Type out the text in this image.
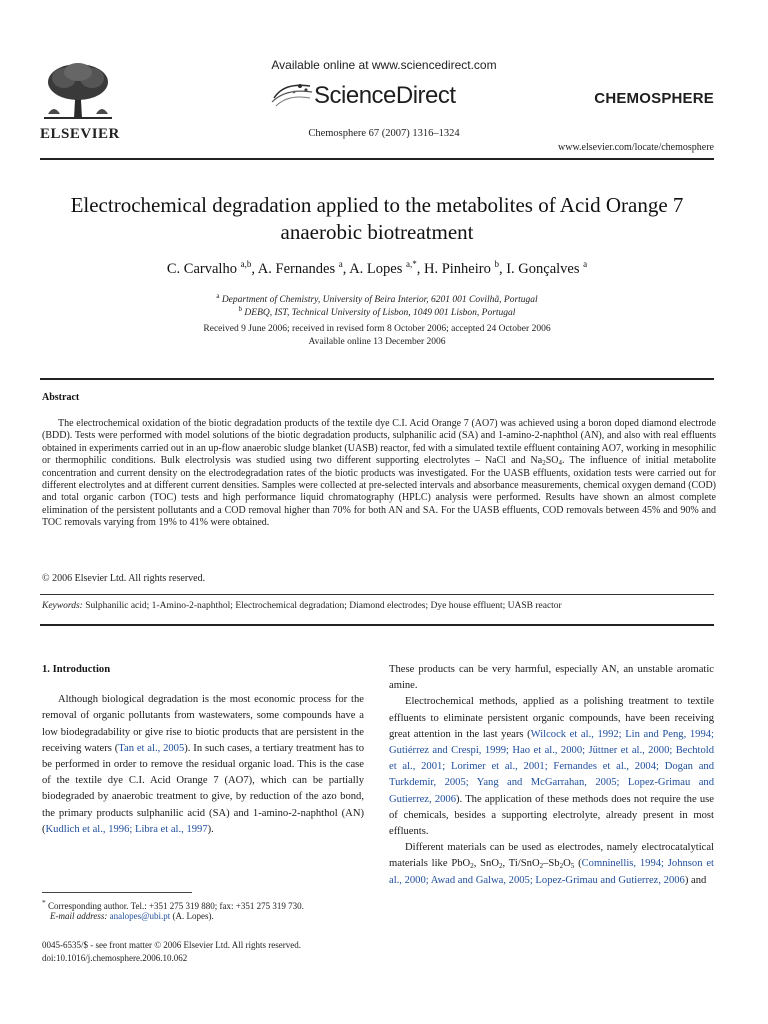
ELSEVIER
Available online at www.sciencedirect.com
ScienceDirect
Chemosphere 67 (2007) 1316–1324
CHEMOSPHERE
www.elsevier.com/locate/chemosphere
Electrochemical degradation applied to the metabolites of Acid Orange 7 anaerobic biotreatment
C. Carvalho $^{a,b}$, A. Fernandes $^a$, A. Lopes $^{a,*}$, H. Pinheiro $^b$, I. Gonçalves $^a$
$^a$ Department of Chemistry, University of Beira Interior, 6201 001 Covilhã, Portugal
$^b$ DEBQ, IST, Technical University of Lisbon, 1049 001 Lisbon, Portugal
Received 9 June 2006; received in revised form 8 October 2006; accepted 24 October 2006
Available online 13 December 2006
Abstract
The electrochemical oxidation of the biotic degradation products of the textile dye C.I. Acid Orange 7 (AO7) was achieved using a boron doped diamond electrode (BDD). Tests were performed with model solutions of the biotic degradation products, sulphanilic acid (SA) and 1-amino-2-naphthol (AN), and also with real effluents obtained in experiments carried out in an up-flow anaerobic sludge blanket (UASB) reactor, fed with a simulated textile effluent containing AO7, working in mesophilic or thermophilic conditions. Bulk electrolysis was studied using two different supporting electrolytes – NaCl and $Na_2SO_4$. The influence of initial metabolite concentration and current density on the electrodegradation rates of the biotic products was investigated. For the UASB effluents, oxidation tests were carried out for different electrolytes and at different current densities. Samples were collected at pre-selected intervals and absorbance measurements, chemical oxygen demand (COD) and total organic carbon (TOC) tests and high performance liquid chromatography (HPLC) analysis were performed. Results have shown an almost complete elimination of the persistent pollutants and a COD removal higher than 70% for both AN and SA. For the UASB effluents, COD removals between 45% and 90% and TOC removals varying from 19% to 41% were obtained.
© 2006 Elsevier Ltd. All rights reserved.
Keywords: Sulphanilic acid; 1-Amino-2-naphthol; Electrochemical degradation; Diamond electrodes; Dye house effluent; UASB reactor
1. Introduction

Although biological degradation is the most economic process for the removal of organic pollutants from wastewaters, some compounds have a low biodegradability or give rise to biotic products that are persistent in the receiving waters (Tan et al., 2005). In such cases, a tertiary treatment has to be performed in order to remove the residual organic load. This is the case of the textile dye C.I. Acid Orange 7 (AO7), which can be partially biodegraded by anaerobic treatment to give, by reduction of the azo bond, the primary products sulphanilic acid (SA) and 1-amino-2-naphthol (AN) (Kudlich et al., 1996; Libra et al., 1997).

These products can be very harmful, especially AN, an unstable aromatic amine.

Electrochemical methods, applied as a polishing treatment to textile effluents to eliminate persistent organic compounds, have been receiving great attention in the last years (Wilcock et al., 1992; Lin and Peng, 1994; Gutiérrez and Crespi, 1999; Hao et al., 2000; Jüttner et al., 2000; Bechtold et al., 2001; Lorimer et al., 2001; Fernandes et al., 2004; Dogan and Turkdemir, 2005; Yang and McGarrahan, 2005; Lopez-Grimau and Gutierrez, 2006). The application of these methods does not require the use of chemicals, besides a supporting electrolyte, already present in most effluents.

Different materials can be used as electrodes, namely electrocatalytical materials like PbO$_2$, SnO$_2$, $Ti/SnO_2-Sb_2O_5$ (Comninellis, 1994; Johnson et al., 2000; Awad and Galwa, 2005; Lopez-Grimau and Gutierrez, 2006) and

* Corresponding author. Tel.: +351 275 319 880; fax: +351 275 319 730.
E-mail address: analopes@ubi.pt (A. Lopes).
0045-6535/$ - see front matter © 2006 Elsevier Ltd. All rights reserved.
doi:10.1016/j.chemosphere.2006.10.062
